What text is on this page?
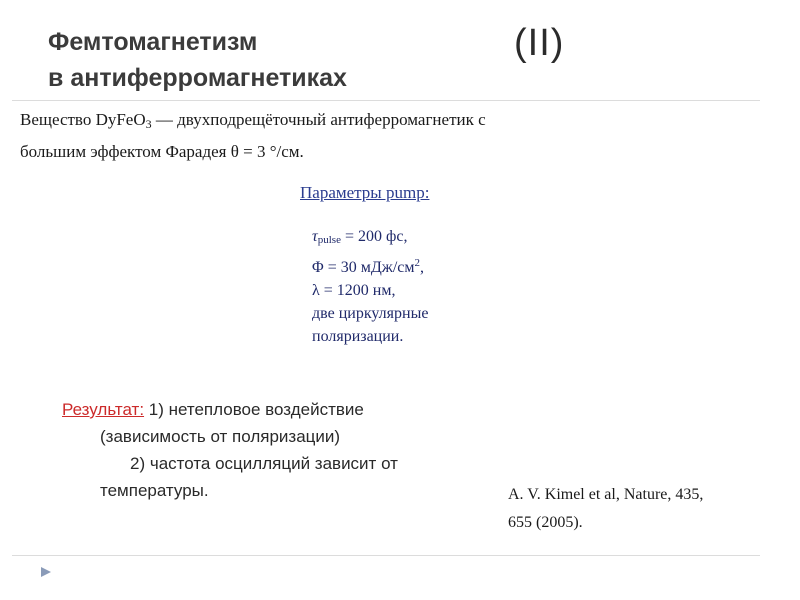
Фемтомагнетизм
в антиферромагнетиках
(II)

Вещество DyFeO$_3$ — двухподрещёточный антиферромагнетик с

большим эффектом Фарадея θ = 3 °/см.

Параметры pump:
$\tau_{pulse} = 200$ фс,
Φ = 30 мДж/$см^2$,
λ = 1200 нм,
две циркулярные
поляризации.
Результат: 1) нетепловое воздействие
(зависимость от поляризации)
2) частота осцилляций зависит от
температуры.	A. V. Kimel et al, Nature, 435,
655 (2005).
